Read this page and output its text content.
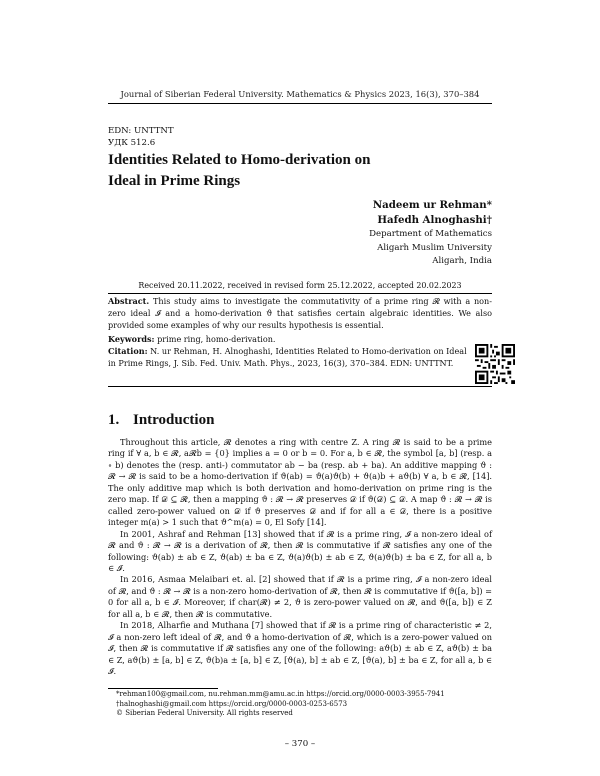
Journal of Siberian Federal University. Mathematics & Physics 2023, 16(3), 370–384
EDN: UNTTNT
УДК 512.6
Identities Related to Homo-derivation on Ideal in Prime Rings
Nadeem ur Rehman*
Hafedh Alnoghashi†
Department of Mathematics
Aligarh Muslim University
Aligarh, India
Received 20.11.2022, received in revised form 25.12.2022, accepted 20.02.2023
Abstract. This study aims to investigate the commutativity of a prime ring 𝓡 with a non-zero ideal 𝓘 and a homo-derivation ϑ that satisfies certain algebraic identities. We also provided some examples of why our results hypothesis is essential.
Keywords: prime ring, homo-derivation.
Citation: N. ur Rehman, H. Alnoghashi, Identities Related to Homo-derivation on Ideal in Prime Rings, J. Sib. Fed. Univ. Math. Phys., 2023, 16(3), 370–384. EDN: UNTTNT.
1. Introduction

Throughout this article, 𝓡 denotes a ring with centre Z. A ring 𝓡 is said to be a prime ring if ∀ a, b ∈ 𝓡, a𝓡b = {0} implies a = 0 or b = 0. For a, b ∈ 𝓡, the symbol [a, b] (resp. a ∘ b) denotes the (resp. anti-) commutator ab − ba (resp. ab + ba). An additive mapping ϑ : 𝓡 → 𝓡 is said to be a homo-derivation if ϑ(ab) = ϑ(a)ϑ(b) + ϑ(a)b + aϑ(b) ∀ a, b ∈ 𝓡, [14]. The only additive map which is both derivation and homo-derivation on prime ring is the zero map. If 𝒟 ⊆ 𝓡, then a mapping ϑ : 𝓡 → 𝓡 preserves 𝒟 if ϑ(𝒟) ⊆ 𝒟. A map ϑ : 𝓡 → 𝓡 is called zero-power valued on 𝒟 if ϑ preserves 𝒟 and if for all a ∈ 𝒟, there is a positive integer m(a) > 1 such that ϑ^m(a) = 0, El Sofy [14].

In 2001, Ashraf and Rehman [13] showed that if 𝓡 is a prime ring, 𝓘 a non-zero ideal of 𝓡 and ϑ : 𝓡 → 𝓡 is a derivation of 𝓡, then 𝓡 is commutative if 𝓡 satisfies any one of the following: ϑ(ab) ± ab ∈ Z, ϑ(ab) ± ba ∈ Z, ϑ(a)ϑ(b) ± ab ∈ Z, ϑ(a)ϑ(b) ± ba ∈ Z, for all a, b ∈ 𝓘.

In 2016, Asmaa Melaibari et. al. [2] showed that if 𝓡 is a prime ring, 𝓘 a non-zero ideal of 𝓡, and ϑ : 𝓡 → 𝓡 is a non-zero homo-derivation of 𝓡, then 𝓡 is commutative if ϑ([a, b]) = 0 for all a, b ∈ 𝓘. Moreover, if char(𝓡) ≠ 2, ϑ is zero-power valued on 𝓡, and ϑ([a, b]) ∈ Z for all a, b ∈ 𝓡, then 𝓡 is commutative.

In 2018, Alharfie and Muthana [7] showed that if 𝓡 is a prime ring of characteristic ≠ 2, 𝓘 a non-zero left ideal of 𝓡, and ϑ a homo-derivation of 𝓡, which is a zero-power valued on 𝓘, then 𝓡 is commutative if 𝓡 satisfies any one of the following: aϑ(b) ± ab ∈ Z, aϑ(b) ± ba ∈ Z, aϑ(b) ± [a, b] ∈ Z, ϑ(b)a ± [a, b] ∈ Z, [ϑ(a), b] ± ab ∈ Z, [ϑ(a), b] ± ba ∈ Z, for all a, b ∈ 𝓘.

*rehman100@gmail.com, nu.rehman.mm@amu.ac.in https://orcid.org/0000-0003-3955-7941
†halnoghashi@gmail.com https://orcid.org/0000-0003-0253-6573
© Siberian Federal University. All rights reserved
– 370 –
